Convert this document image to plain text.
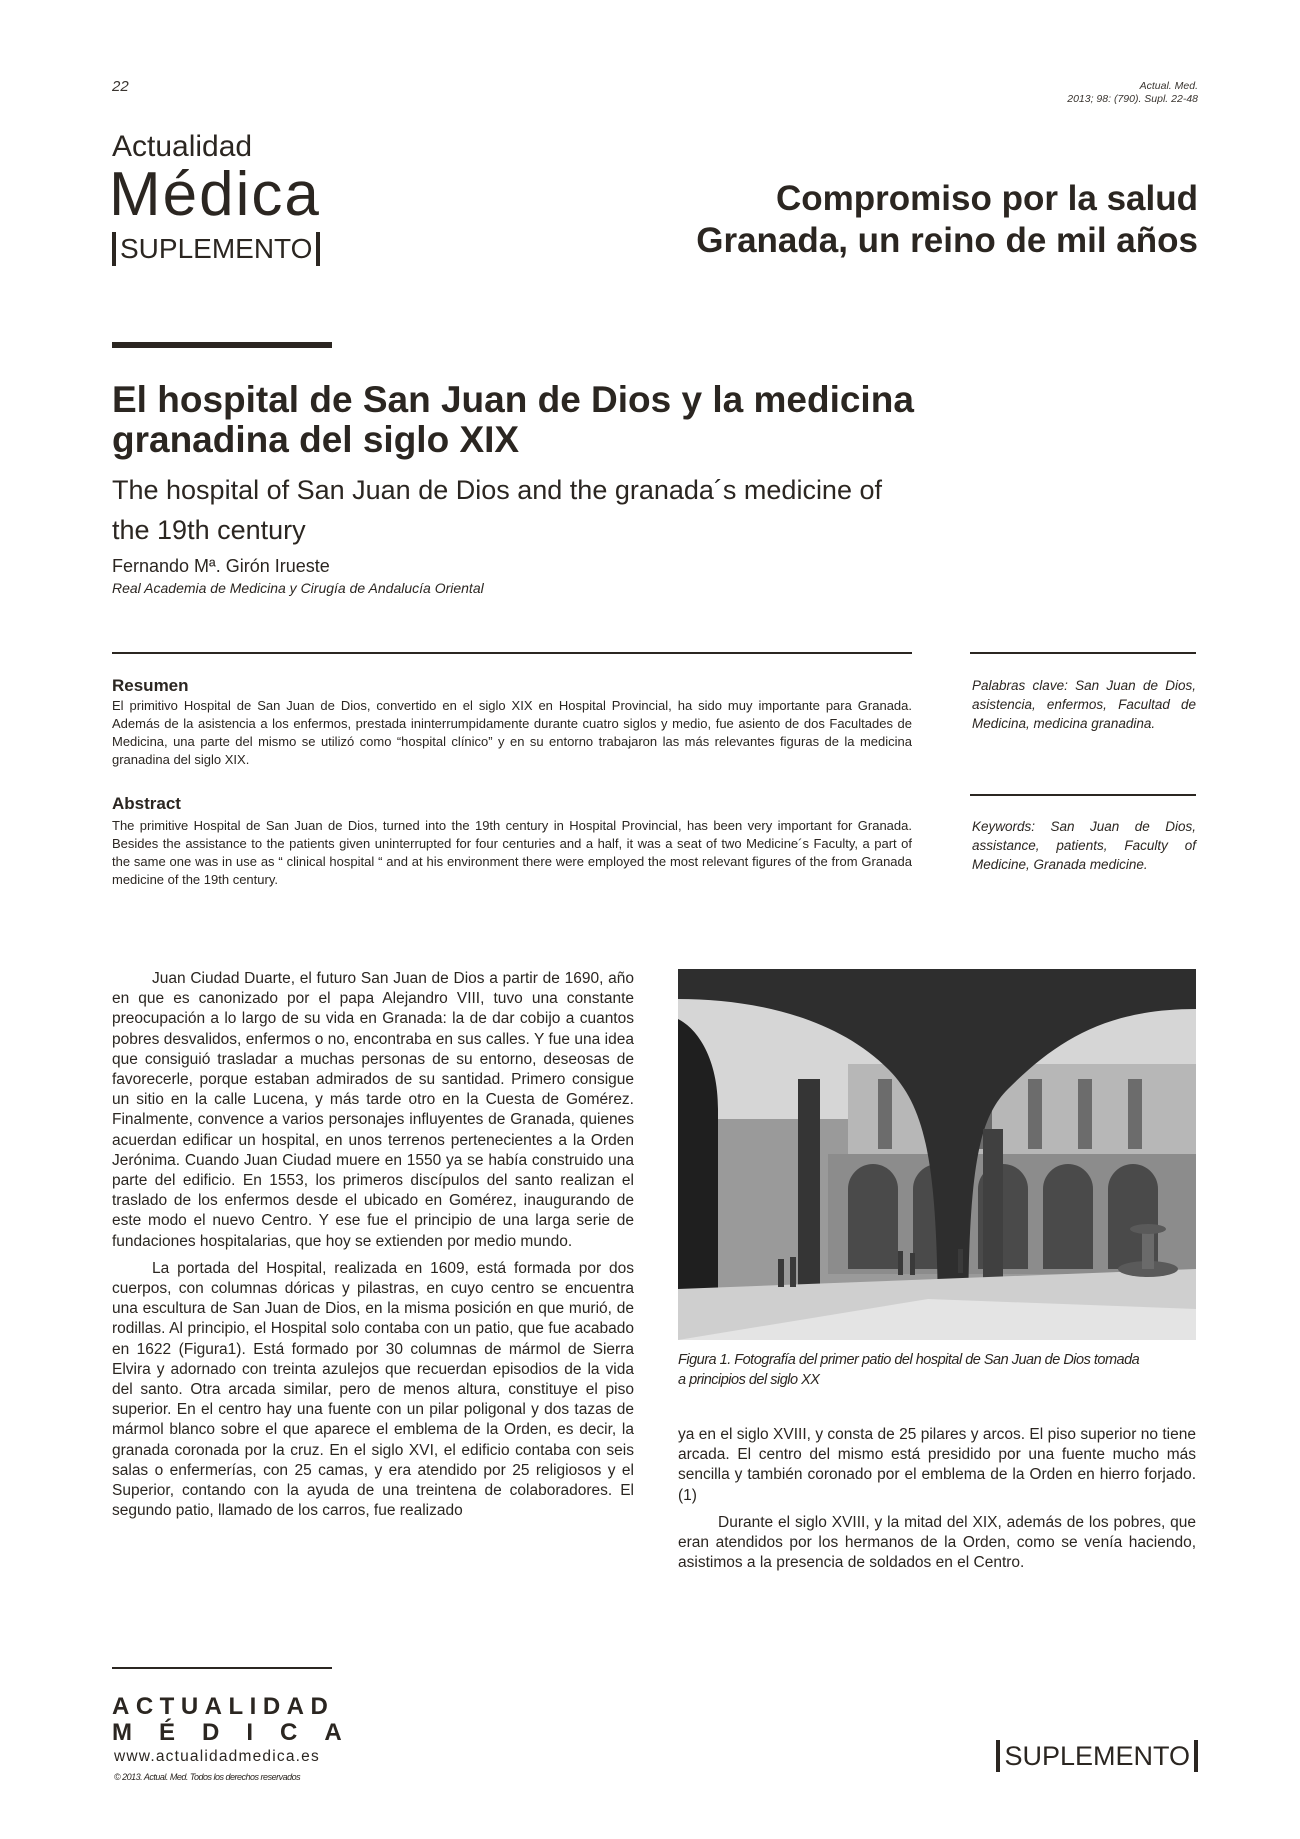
22	Actual. Med.
2013; 98: (790). Supl. 22-48
Actualidad
Médica
SUPLEMENTO
Compromiso por la salud
Granada, un reino de mil años
El hospital de San Juan de Dios y la medicina
granadina del siglo XIX
The hospital of San Juan de Dios and the granada´s medicine of
the 19th century
Fernando Mª. Girón Irueste
Real Academia de Medicina y Cirugía de Andalucía Oriental
Resumen
El primitivo Hospital de San Juan de Dios, convertido en el siglo XIX en Hospital Provincial, ha sido muy importante para Granada. Además de la asistencia a los enfermos, prestada ininterrumpidamente durante cuatro siglos y medio, fue asiento de dos Facultades de Medicina, una parte del mismo se utilizó como “hospital clínico” y en su entorno trabajaron las más relevantes figuras de la medicina granadina del siglo XIX.
Abstract
The primitive Hospital de San Juan de Dios, turned into the 19th century in Hospital Provincial, has been very important for Granada. Besides the assistance to the patients given uninterrupted for four centuries and a half, it was a seat of two Medicine´s Faculty, a part of the same one was in use as “ clinical hospital “ and at his environment there were employed the most relevant figures of the from Granada medicine of the 19th century.
Palabras clave: San Juan de Dios, asistencia, enfermos, Facultad de Medicina, medicina granadina.
Keywords: San Juan de Dios, assistance, patients, Faculty of Medicine, Granada medicine.

Juan Ciudad Duarte, el futuro San Juan de Dios a partir de 1690, año en que es canonizado por el papa Alejandro VIII, tuvo una constante preocupación a lo largo de su vida en Granada: la de dar cobijo a cuantos pobres desvalidos, enfermos o no, encontraba en sus calles. Y fue una idea que consiguió trasladar a muchas personas de su entorno, deseosas de favorecerle, porque estaban admirados de su santidad. Primero consigue un sitio en la calle Lucena, y más tarde otro en la Cuesta de Gomérez. Finalmente, convence a varios personajes influyentes de Granada, quienes acuerdan edificar un hospital, en unos terrenos pertenecientes a la Orden Jerónima. Cuando Juan Ciudad muere en 1550 ya se había construido una parte del edificio. En 1553, los primeros discípulos del santo realizan el traslado de los enfermos desde el ubicado en Gomérez, inaugurando de este modo el nuevo Centro. Y ese fue el principio de una larga serie de fundaciones hospitalarias, que hoy se extienden por medio mundo.

La portada del Hospital, realizada en 1609, está formada por dos cuerpos, con columnas dóricas y pilastras, en cuyo centro se encuentra una escultura de San Juan de Dios, en la misma posición en que murió, de rodillas. Al principio, el Hospital solo contaba con un patio, que fue acabado en 1622 (Figura1). Está formado por 30 columnas de mármol de Sierra Elvira y adornado con treinta azulejos que recuerdan episodios de la vida del santo. Otra arcada similar, pero de menos altura, constituye el piso superior. En el centro hay una fuente con un pilar poligonal y dos tazas de mármol blanco sobre el que aparece el emblema de la Orden, es decir, la granada coronada por la cruz. En el siglo XVI, el edificio contaba con seis salas o enfermerías, con 25 camas, y era atendido por 25 religiosos y el Superior, contando con la ayuda de una treintena de colaboradores. El segundo patio, llamado de los carros, fue realizado

Figura 1. Fotografía del primer patio del hospital de San Juan de Dios tomada
a principios del siglo XX

ya en el siglo XVIII, y consta de 25 pilares y arcos. El piso superior no tiene arcada. El centro del mismo está presidido por una fuente mucho más sencilla y también coronado por el emblema de la Orden en hierro forjado. (1)

Durante el siglo XVIII, y la mitad del XIX, además de los pobres, que eran atendidos por los hermanos de la Orden, como se venía haciendo, asistimos a la presencia de soldados en el Centro.

ACTUALIDAD
MÉDICA
www.actualidadmedica.es
© 2013. Actual. Med. Todos los derechos reservados
SUPLEMENTO
